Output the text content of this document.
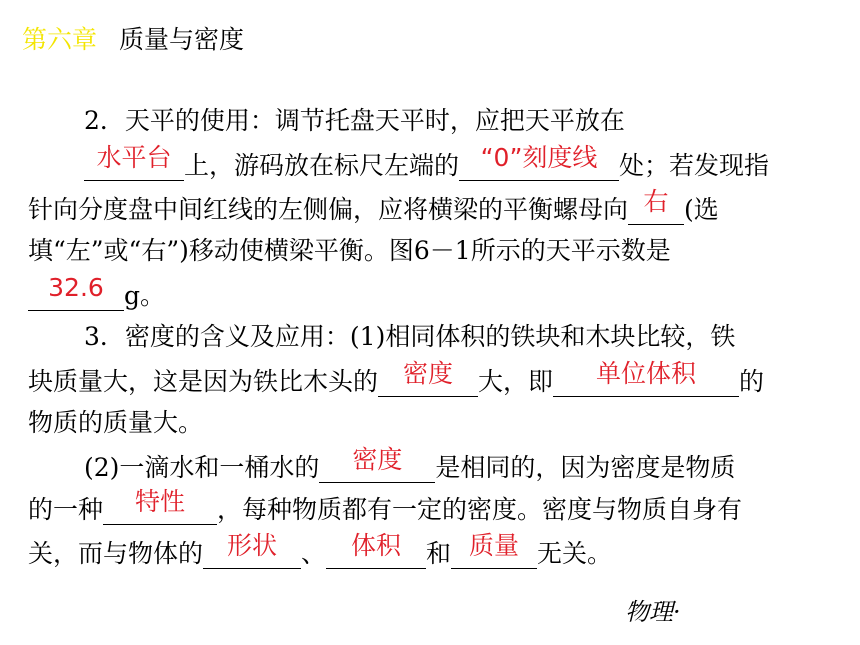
第六章 质量与密度
2．天平的使用：调节托盘天平时，应把天平放在
水平台 上，游码放在标尺左端的 “0”刻度线 处；若发现指
针向分度盘中间红线的左侧偏，应将横梁的平衡螺母向 右 (选
填“左”或“右”)移动使横梁平衡。图6－1所示的天平示数是
32.6 g。
3．密度的含义及应用：(1)相同体积的铁块和木块比较，铁
块质量大，这是因为铁比木头的 密度	大，即	单位体积	的
物质的质量大。
(2)一滴水和一桶水的	密度	是相同的，因为密度是物质
的一种	特性	，每种物质都有一定的密度。密度与物质自身有
关，而与物体的 形状 、 体积	和 质量 无关。
物理·
